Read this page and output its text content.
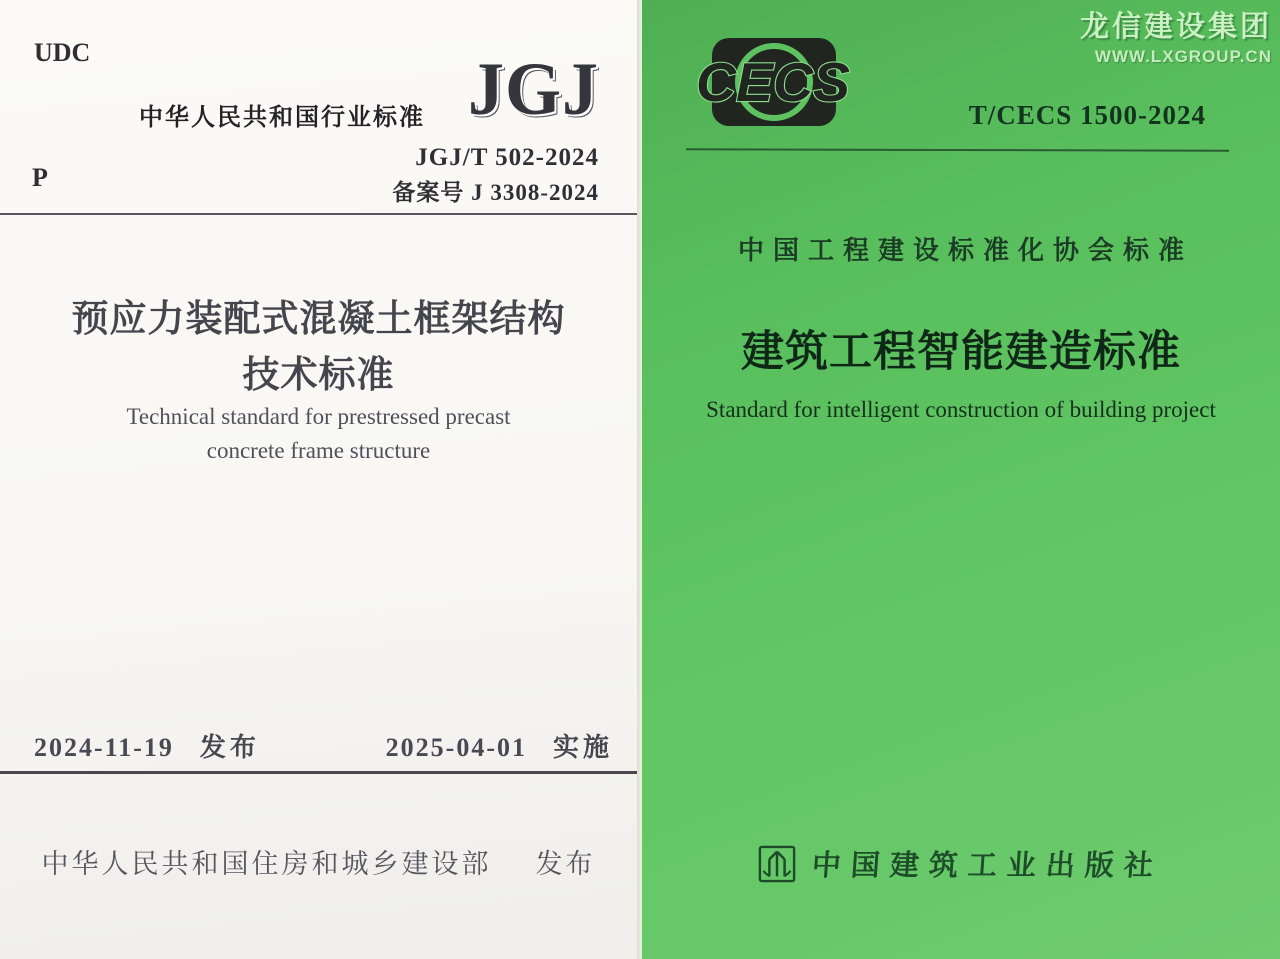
UDC
中华人民共和国行业标准 JGJ
JGJ/T 502-2024
备案号 J 3308-2024
P
预应力装配式混凝土框架结构
技术标准
Technical standard for prestressed precast
concrete frame structure
2024-11-19 发布	2025-04-01 实施
中华人民共和国住房和城乡建设部 发布
CECS
龙信建设集团
WWW.LXGROUP.CN
T/CECS 1500-2024
中国工程建设标准化协会标准
建筑工程智能建造标准
Standard for intelligent construction of building project
中国建筑工业出版社
